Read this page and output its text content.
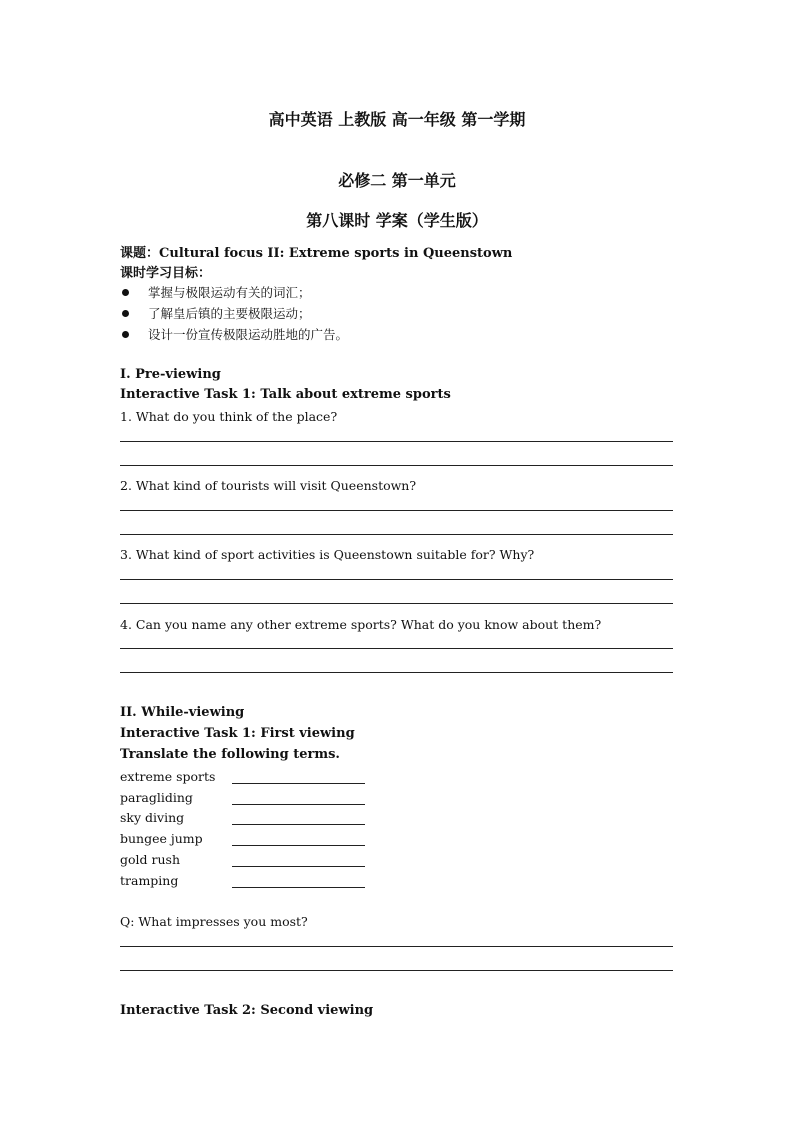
高中英语 上教版 高一年级 第一学期
必修二 第一单元
第八课时 学案（学生版）
课题：Cultural focus II: Extreme sports in Queenstown
课时学习目标：
掌握与极限运动有关的词汇；
了解皇后镇的主要极限运动；
设计一份宣传极限运动胜地的广告。
I. Pre-viewing
Interactive Task 1: Talk about extreme sports
1. What do you think of the place?
2. What kind of tourists will visit Queenstown?
3. What kind of sport activities is Queenstown suitable for? Why?
4. Can you name any other extreme sports? What do you know about them?
II. While-viewing
Interactive Task 1: First viewing
Translate the following terms.
extreme sports
paragliding
sky diving
bungee jump
gold rush
tramping
Q: What impresses you most?
Interactive Task 2: Second viewing
